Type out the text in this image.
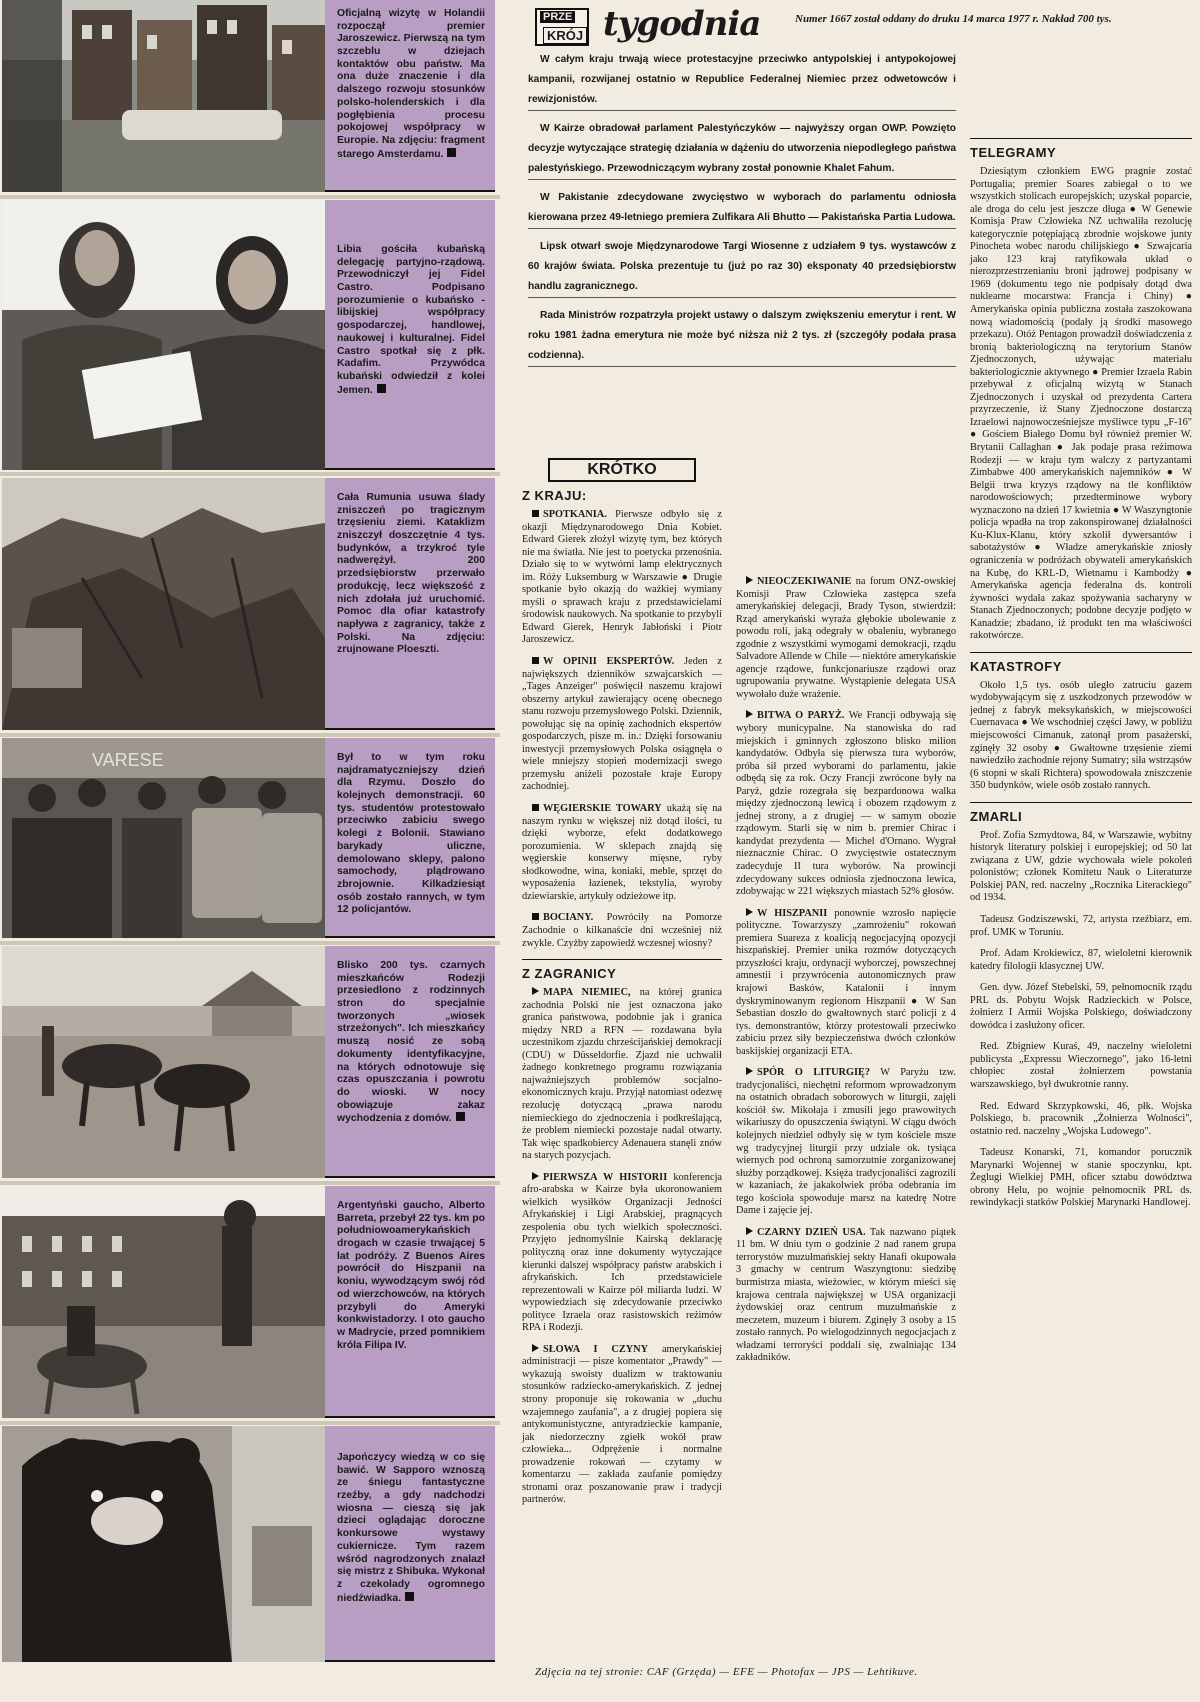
Oficjalną wizytę w Holandii rozpoczął premier Jaroszewicz. Pierwszą na tym szczeblu w dziejach kontaktów obu państw. Ma ona duże znaczenie i dla dalszego rozwoju stosunków polsko-holenderskich i dla pogłębienia procesu pokojowej współpracy w Europie. Na zdjęciu: fragment starego Amsterdamu.
Libia gościła kubańską delegację partyjno-rządową. Przewodniczył jej Fidel Castro. Podpisano porozumienie o kubańsko - libijskiej współpracy gospodarczej, handlowej, naukowej i kulturalnej. Fidel Castro spotkał się z płk. Kadafim. Przywódca kubański odwiedził z kolei Jemen.
Cała Rumunia usuwa ślady zniszczeń po tragicznym trzęsieniu ziemi. Kataklizm zniszczył doszczętnie 4 tys. budynków, a trzykroć tyle nadwerężył. 200 przedsiębiorstw przerwało produkcję, lecz większość z nich zdołała już uruchomić. Pomoc dla ofiar katastrofy napływa z zagranicy, także z Polski. Na zdjęciu: zrujnowane Ploeszti.
VARESE	Był to w tym roku najdramatyczniejszy dzień dla Rzymu. Doszło do kolejnych demonstracji. 60 tys. studentów protestowało przeciwko zabiciu swego kolegi z Bolonii. Stawiano barykady uliczne, demolowano sklepy, palono samochody, plądrowano zbrojownie. Kilkadziesiąt osób zostało rannych, w tym 12 policjantów.
Blisko 200 tys. czarnych mieszkańców Rodezji przesiedlono z rodzinnych stron do specjalnie tworzonych „wiosek strzeżonych". Ich mieszkańcy muszą nosić ze sobą dokumenty identyfikacyjne, na których odnotowuje się czas opuszczania i powrotu do wioski. W nocy obowiązuje zakaz wychodzenia z domów.
Argentyński gaucho, Alberto Barreta, przebył 22 tys. km po południowoamerykańskich drogach w czasie trwającej 5 lat podróży. Z Buenos Aires powrócił do Hiszpanii na koniu, wywodzącym swój ród od wierzchowców, na których przybyli do Ameryki konkwistadorzy. I oto gaucho w Madrycie, przed pomnikiem króla Filipa IV.
Japończycy wiedzą w co się bawić. W Sapporo wznoszą ze śniegu fantastyczne rzeźby, a gdy nadchodzi wiosna — cieszą się jak dzieci oglądając doroczne konkursowe wystawy cukiernicze. Tym razem wśród nagrodzonych znalazł się mistrz z Shibuka. Wykonał z czekolady ogromnego niedźwiadka.
PRZE
KRÓJ tygodnia	Numer 1667 został oddany do druku 14 marca 1977 r. Nakład 700 tys.

W całym kraju trwają wiece protestacyjne przeciwko antypolskiej i antypokojowej kampanii, rozwijanej ostatnio w Republice Federalnej Niemiec przez odwetowców i rewizjonistów.

W Kairze obradował parlament Palestyńczyków — najwyższy organ OWP. Powzięto decyzje wytyczające strategię działania w dążeniu do utworzenia niepodległego państwa palestyńskiego. Przewodniczącym wybrany został ponownie Khalet Fahum.

W Pakistanie zdecydowane zwycięstwo w wyborach do parlamentu odniosła kierowana przez 49-letniego premiera Zulfikara Ali Bhutto — Pakistańska Partia Ludowa.

Lipsk otwarł swoje Międzynarodowe Targi Wiosenne z udziałem 9 tys. wystawców z 60 krajów świata. Polska prezentuje tu (już po raz 30) eksponaty 40 przedsiębiorstw handlu zagranicznego.

Rada Ministrów rozpatrzyła projekt ustawy o dalszym zwiększeniu emerytur i rent. W roku 1981 żadna emerytura nie może być niższa niż 2 tys. zł (szczegóły podała prasa codzienna).

KRÓTKO
Z KRAJU:

SPOTKANIA. Pierwsze odbyło się z okazji Międzynarodowego Dnia Kobiet. Edward Gierek złożył wizytę tym, bez których nie ma światła. Nie jest to poetycka przenośnia. Działo się to w wytwórni lamp elektrycznych im. Róży Luksemburg w Warszawie ● Drugie spotkanie było okazją do ważkiej wymiany myśli o sprawach kraju z przedstawicielami środowisk naukowych. Na spotkanie to przybyli Edward Gierek, Henryk Jabłoński i Piotr Jaroszewicz.

W OPINII EKSPERTÓW. Jeden z największych dzienników szwajcarskich — „Tages Anzeiger" poświęcił naszemu krajowi obszerny artykuł zawierający ocenę obecnego stanu rozwoju przemysłowego Polski. Dziennik, powołując się na opinię zachodnich ekspertów gospodarczych, pisze m. in.: Dzięki forsowaniu inwestycji przemysłowych Polska osiągnęła o wiele mniejszy stopień modernizacji swego przemysłu aniżeli pozostałe kraje Europy zachodniej.

WĘGIERSKIE TOWARY ukażą się na naszym rynku w większej niż dotąd ilości, tu dzięki wyborze, efekt dodatkowego porozumienia. W sklepach znajdą się węgierskie konserwy mięsne, ryby słodkowodne, wina, koniaki, meble, sprzęt do wyposażenia łazienek, tekstylia, wyroby dziewiarskie, artykuły odzieżowe itp.

BOCIANY. Powróciły na Pomorze Zachodnie o kilkanaście dni wcześniej niż zwykle. Czyżby zapowiedź wczesnej wiosny?

Z ZAGRANICY

MAPA NIEMIEC, na której granica zachodnia Polski nie jest oznaczona jako granica państwowa, podobnie jak i granica między NRD a RFN — rozdawana była uczestnikom zjazdu chrześcijańskiej demokracji (CDU) w Düsseldorfie. Zjazd nie uchwalił żadnego konkretnego programu rozwiązania najważniejszych problemów socjalno-ekonomicznych kraju. Przyjął natomiast odezwę rezolucję dotyczącą „prawa narodu niemieckiego do zjednoczenia i podkreślającą, że problem niemiecki pozostaje nadal otwarty. Tak więc spadkobiercy Adenauera stanęli znów na starych pozycjach.

PIERWSZA W HISTORII konferencja afro-arabska w Kairze była ukoronowaniem wielkich wysiłków Organizacji Jedności Afrykańskiej i Ligi Arabskiej, pragnących zespolenia obu tych wielkich społeczności. Przyjęto jednomyślnie Kairską deklarację polityczną oraz inne dokumenty wytyczające kierunki dalszej współpracy państw arabskich i afrykańskich. Ich przedstawiciele reprezentowali w Kairze pół miliarda ludzi. W wypowiedziach się zdecydowanie przeciwko polityce Izraela oraz rasistowskich reżimów RPA i Rodezji.

SŁOWA I CZYNY amerykańskiej administracji — pisze komentator „Prawdy" — wykazują swoisty dualizm w traktowaniu stosunków radziecko-amerykańskich. Z jednej strony proponuje się rokowania w „duchu wzajemnego zaufania", a z drugiej popiera się antykomunistyczne, antyradzieckie kampanie, jak niedorzeczny zgiełk wokół praw człowieka... Odprężenie i normalne prowadzenie rokowań — czytamy w komentarzu — zakłada zaufanie pomiędzy stronami oraz poszanowanie praw i tradycji partnerów.

NIEOCZEKIWANIE na forum ONZ-owskiej Komisji Praw Człowieka zastępca szefa amerykańskiej delegacji, Brady Tyson, stwierdził: Rząd amerykański wyraża głębokie ubolewanie z powodu roli, jaką odegrały w obaleniu, wybranego zgodnie z wszystkimi wymogami demokracji, rządu Salvadore Allende w Chile — niektóre amerykańskie agencje rządowe, funkcjonariusze rządowi oraz ugrupowania prywatne. Wystąpienie delegata USA wywołało duże wrażenie.

BITWA O PARYŻ. We Francji odbywają się wybory municypalne. Na stanowiska do rad miejskich i gminnych zgłoszono blisko milion kandydatów. Odbyła się pierwsza tura wyborów, próba sił przed wyborami do parlamentu, jakie odbędą się za rok. Oczy Francji zwrócone były na Paryż, gdzie rozegrała się bezpardonowa walka między zjednoczoną lewicą i obozem rządowym z jednej strony, a z drugiej — w samym obozie rządowym. Starli się w nim b. premier Chirac i kandydat prezydenta — Michel d'Ornano. Wygrał nieznacznie Chirac. O zwycięstwie ostatecznym zadecyduje II tura wyborów. Na prowincji zdecydowany sukces odniosła zjednoczona lewica, zdobywając w 221 większych miastach 52% głosów.

W HISZPANII ponownie wzrosło napięcie polityczne. Towarzyszy „zamrożeniu" rokowań premiera Suareza z koalicją negocjacyjną opozycji hiszpańskiej. Premier unika rozmów dotyczących przyszłości kraju, ordynacji wyborczej, powszechnej amnestii i przywrócenia autonomicznych praw krajowi Basków, Katalonii i innym dyskryminowanym regionom Hiszpanii ● W San Sebastian doszło do gwałtownych starć policji z 4 tys. demonstrantów, którzy protestowali przeciwko zabiciu przez siły bezpieczeństwa dwóch członków baskijskiej organizacji ETA.

SPÓR O LITURGIĘ? W Paryżu tzw. tradycjonaliści, niechętni reformom wprowadzonym na ostatnich obradach soborowych w liturgii, zajęli kościół św. Mikołaja i zmusili jego prawowitych wikariuszy do opuszczenia świątyni. W ciągu dwóch kolejnych niedziel odbyły się w tym kościele msze wg tradycyjnej liturgii przy udziale ok. tysiąca wiernych pod ochroną samorzutnie zorganizowanej służby porządkowej. Księża tradycjonaliści zagrozili w kazaniach, że jakakolwiek próba odebrania im tego kościoła spowoduje marsz na katedrę Notre Dame i zajęcie jej.

CZARNY DZIEŃ USA. Tak nazwano piątek 11 bm. W dniu tym o godzinie 2 nad ranem grupa terrorystów muzułmańskiej sekty Hanafi okupowała 3 gmachy w centrum Waszyngtonu: siedzibę burmistrza miasta, wieżowiec, w którym mieści się krajowa centrala największej w USA organizacji żydowskiej oraz centrum muzułmańskie z meczetem, muzeum i biurem. Zginęły 3 osoby a 15 zostało rannych. Po wielogodzinnych negocjacjach z władzami terroryści poddali się, zwalniając 134 zakładników.

TELEGRAMY

Dziesiątym członkiem EWG pragnie zostać Portugalia; premier Soares zabiegał o to we wszystkich stolicach europejskich; uzyskał poparcie, ale droga do celu jest jeszcze długa ● W Genewie Komisja Praw Człowieka NZ uchwaliła rezolucję kategorycznie potępiającą zbrodnie wojskowe junty Pinocheta wobec narodu chilijskiego ● Szwajcaria jako 123 kraj ratyfikowała układ o nierozprzestrzenianiu broni jądrowej podpisany w 1969 (dokumentu tego nie podpisały dotąd dwa nuklearne mocarstwa: Francja i Chiny) ● Amerykańska opinia publiczna została zaszokowana nową wiadomością (podały ją środki masowego przekazu). Otóż Pentagon prowadził doświadczenia z bronią bakteriologiczną na terytorium Stanów Zjednoczonych, używając materiału bakteriologicznie aktywnego ● Premier Izraela Rabin przebywał z oficjalną wizytą w Stanach Zjednoczonych i uzyskał od prezydenta Cartera przyrzeczenie, iż Stany Zjednoczone dostarczą Izraelowi najnowocześniejsze myśliwce typu „F-16" ● Gościem Białego Domu był również premier W. Brytanii Callaghan ● Jak podaje prasa reżimowa Rodezji — w kraju tym walczy z partyzantami Zimbabwe 400 amerykańskich najemników ● W Belgii trwa kryzys rządowy na tle konfliktów narodowościowych; przedterminowe wybory wyznaczono na dzień 17 kwietnia ● W Waszyngtonie policja wpadła na trop zakonspirowanej działalności Ku-Klux-Klanu, który szkolił dywersantów i sabotażystów ● Władze amerykańskie zniosły ograniczenia w podróżach obywateli amerykańskich na Kubę, do KRL-D, Wietnamu i Kambodży ● Amerykańska agencja federalna ds. kontroli żywności wydała zakaz spożywania sacharyny w Stanach Zjednoczonych; podobne decyzje podjęto w Kanadzie; zbadano, iż produkt ten ma właściwości rakotwórcze.

KATASTROFY

Około 1,5 tys. osób uległo zatruciu gazem wydobywającym się z uszkodzonych przewodów w jednej z fabryk meksykańskich, w miejscowości Cuernavaca ● We wschodniej części Jawy, w pobliżu miejscowości Cimanuk, zatonął prom pasażerski, zginęły 32 osoby ● Gwałtowne trzęsienie ziemi nawiedziło zachodnie rejony Sumatry; siła wstrząsów (6 stopni w skali Richtera) spowodowała zniszczenie 350 budynków, wiele osób zostało rannych.

ZMARLI

Prof. Zofia Szmydtowa, 84, w Warszawie, wybitny historyk literatury polskiej i europejskiej; od 50 lat związana z UW, gdzie wychowała wiele pokoleń polonistów; członek Komitetu Nauk o Literaturze Polskiej PAN, red. naczelny „Rocznika Literackiego" od 1934.

Tadeusz Godziszewski, 72, artysta rzeźbiarz, em. prof. UMK w Toruniu.

Prof. Adam Krokiewicz, 87, wieloletni kierownik katedry filologii klasycznej UW.

Gen. dyw. Józef Stebelski, 59, pełnomocnik rządu PRL ds. Pobytu Wojsk Radzieckich w Polsce, żołnierz I Armii Wojska Polskiego, doświadczony dowódca i zasłużony oficer.

Red. Zbigniew Kuraś, 49, naczelny wieloletni publicysta „Expressu Wieczornego", jako 16-letni chłopiec został żołnierzem powstania warszawskiego, był dwukrotnie ranny.

Red. Edward Skrzypkowski, 46, płk. Wojska Polskiego, b. pracownik „Żołnierza Wolności", ostatnio red. naczelny „Wojska Ludowego".

Tadeusz Konarski, 71, komandor porucznik Marynarki Wojennej w stanie spoczynku, kpt. Żeglugi Wielkiej PMH, oficer sztabu dowództwa obrony Helu, po wojnie pełnomocnik PRL ds. rewindykacji statków Polskiej Marynarki Handlowej.

Zdjęcia na tej stronie: CAF (Grzęda) — EFE — Photofax — JPS — Lehtikuve.
